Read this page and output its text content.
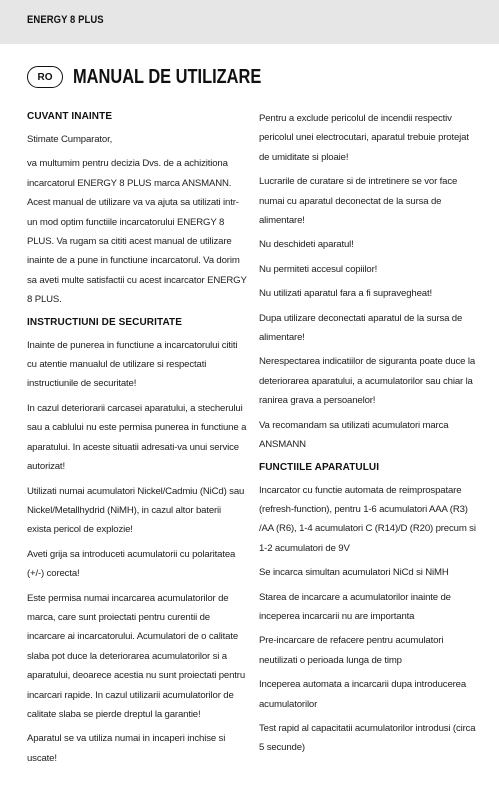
ENERGY 8 PLUS
RO	MANUAL DE UTILIZARE
CUVANT INAINTE

Stimate Cumparator,

va multumim pentru decizia Dvs. de a achizitiona incarcatorul ENERGY 8 PLUS marca ANSMANN. Acest manual de utilizare va va ajuta sa utilizati intr-un mod optim functiile incarcatorului ENERGY 8 PLUS. Va rugam sa cititi acest manual de utilizare inainte de a pune in functiune incarcatorul. Va dorim sa aveti multe satisfactii cu acest incarcator ENERGY 8 PLUS.

INSTRUCTIUNI DE SECURITATE

Inainte de punerea in functiune a incarcatorului cititi cu atentie manualul de utilizare si respectati instructiunile de securitate!

In cazul deteriorarii carcasei aparatului, a stecherului sau a cablului nu este permisa punerea in functiune a aparatului. In aceste situatii adresati-va unui service autorizat!

Utilizati numai acumulatori Nickel/Cadmiu (NiCd) sau Nickel/Metallhydrid (NiMH), in cazul altor baterii exista pericol de explozie!

Aveti grija sa introduceti acumulatorii cu polaritatea (+/-) corecta!

Este permisa numai incarcarea acumulatorilor de marca, care sunt proiectati pentru curentii de incarcare ai incarcatorului. Acumulatori de o calitate slaba pot duce la deteriorarea acumulatorilor si a aparatului, deoarece acestia nu sunt proiectati pentru incarcari rapide. In cazul utilizarii acumulatorilor de calitate slaba se pierde dreptul la garantie!

Aparatul se va utiliza numai in incaperi inchise si uscate!

Pentru a exclude pericolul de incendii respectiv pericolul unei electrocutari, aparatul trebuie protejat de umiditate si ploaie!

Lucrarile de curatare si de intretinere se vor face numai cu aparatul deconectat de la sursa de alimentare!

Nu deschideti aparatul!

Nu permiteti accesul copiilor!

Nu utilizati aparatul fara a fi supravegheat!

Dupa utilizare deconectati aparatul de la sursa de alimentare!

Nerespectarea indicatiilor de siguranta poate duce la deteriorarea aparatului, a acumulatorilor sau chiar la ranirea grava a persoanelor!

Va recomandam sa utilizati acumulatori marca ANSMANN

FUNCTIILE APARATULUI

Incarcator cu functie automata de reimprospatare (refresh-function), pentru 1-6 acumulatori AAA (R3) /AA (R6), 1-4 acumulatori C (R14)/D (R20) precum si 1-2 acumulatori de 9V

Se incarca simultan acumulatori NiCd si NiMH

Starea de incarcare a acumulatorilor inainte de inceperea incarcarii nu are importanta

Pre-incarcare de refacere pentru acumulatori neutilizati o perioada lunga de timp

Inceperea automata a incarcarii dupa introducerea acumulatorilor

Test rapid al capacitatii acumulatorilor introdusi (circa 5 secunde)
